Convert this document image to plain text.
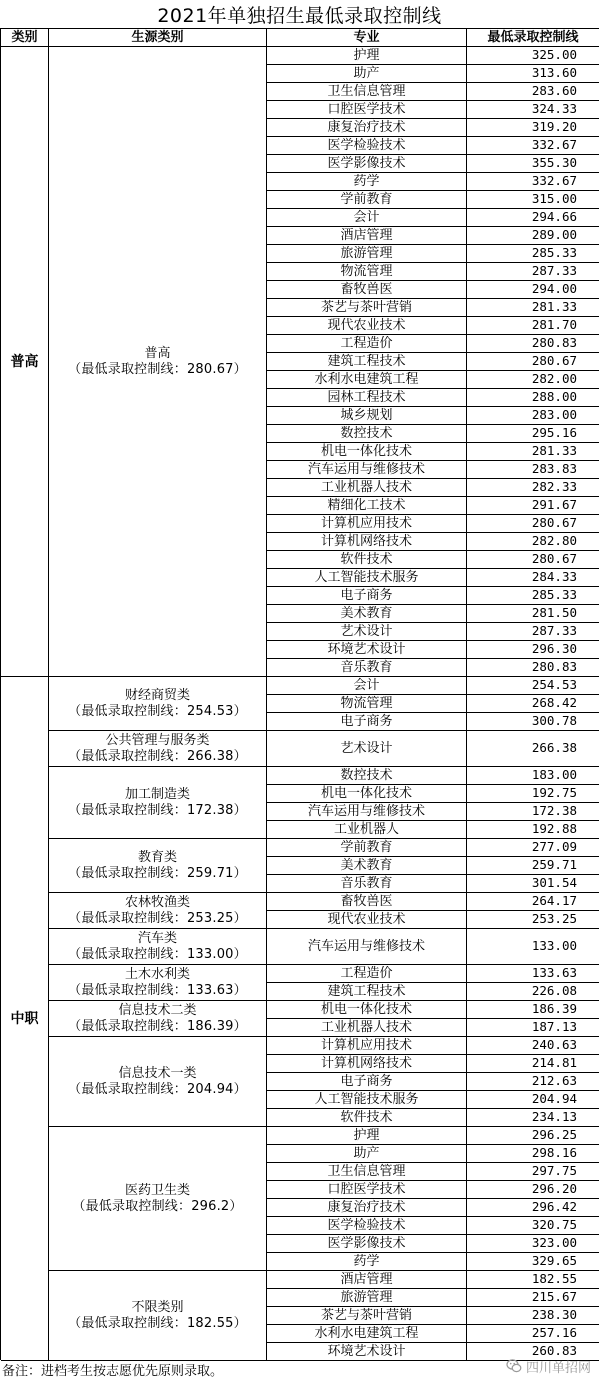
2021年单独招生最低录取控制线
类别	生源类别	专业	最低录取控制线
普高	普高
（最低录取控制线：280.67）
护理	325.00
助产	313.60
卫生信息管理	283.60
口腔医学技术	324.33
康复治疗技术	319.20
医学检验技术	332.67
医学影像技术	355.30
药学	332.67
学前教育	315.00
会计	294.66
酒店管理	289.00
旅游管理	285.33
物流管理	287.33
畜牧兽医	294.00
茶艺与茶叶营销	281.33
现代农业技术	281.70
工程造价	280.83
建筑工程技术	280.67
水利水电建筑工程	282.00
园林工程技术	288.00
城乡规划	283.00
数控技术	295.16
机电一体化技术	281.33
汽车运用与维修技术	283.83
工业机器人技术	282.33
精细化工技术	291.67
计算机应用技术	280.67
计算机网络技术	282.80
软件技术	280.67
人工智能技术服务	284.33
电子商务	285.33
美术教育	281.50
艺术设计	287.33
环境艺术设计	296.30
音乐教育	280.83
中职
财经商贸类
（最低录取控制线：254.53）
会计	254.53
物流管理	268.42
电子商务	300.78
公共管理与服务类
（最低录取控制线：266.38）
艺术设计	266.38
加工制造类
（最低录取控制线：172.38）
数控技术	183.00
机电一体化技术	192.75
汽车运用与维修技术	172.38
工业机器人	192.88
教育类
（最低录取控制线：259.71）
学前教育	277.09
美术教育	259.71
音乐教育	301.54
农林牧渔类
（最低录取控制线：253.25）
畜牧兽医	264.17
现代农业技术	253.25
汽车类
（最低录取控制线：133.00）
汽车运用与维修技术	133.00
土木水利类
（最低录取控制线：133.63）
工程造价	133.63
建筑工程技术	226.08
信息技术二类
（最低录取控制线：186.39）
机电一体化技术	186.39
工业机器人技术	187.13
信息技术一类
（最低录取控制线：204.94）
计算机应用技术	240.63
计算机网络技术	214.81
电子商务	212.63
人工智能技术服务	204.94
软件技术	234.13
医药卫生类
（最低录取控制线：296.2）
护理	296.25
助产	298.16
卫生信息管理	297.75
口腔医学技术	296.20
康复治疗技术	296.42
医学检验技术	320.75
医学影像技术	323.00
药学	329.65
不限类别
（最低录取控制线：182.55）
酒店管理	182.55
旅游管理	215.67
茶艺与茶叶营销	238.30
水利水电建筑工程	257.16
环境艺术设计	260.83
备注：进档考生按志愿优先原则录取。	四川单招网
